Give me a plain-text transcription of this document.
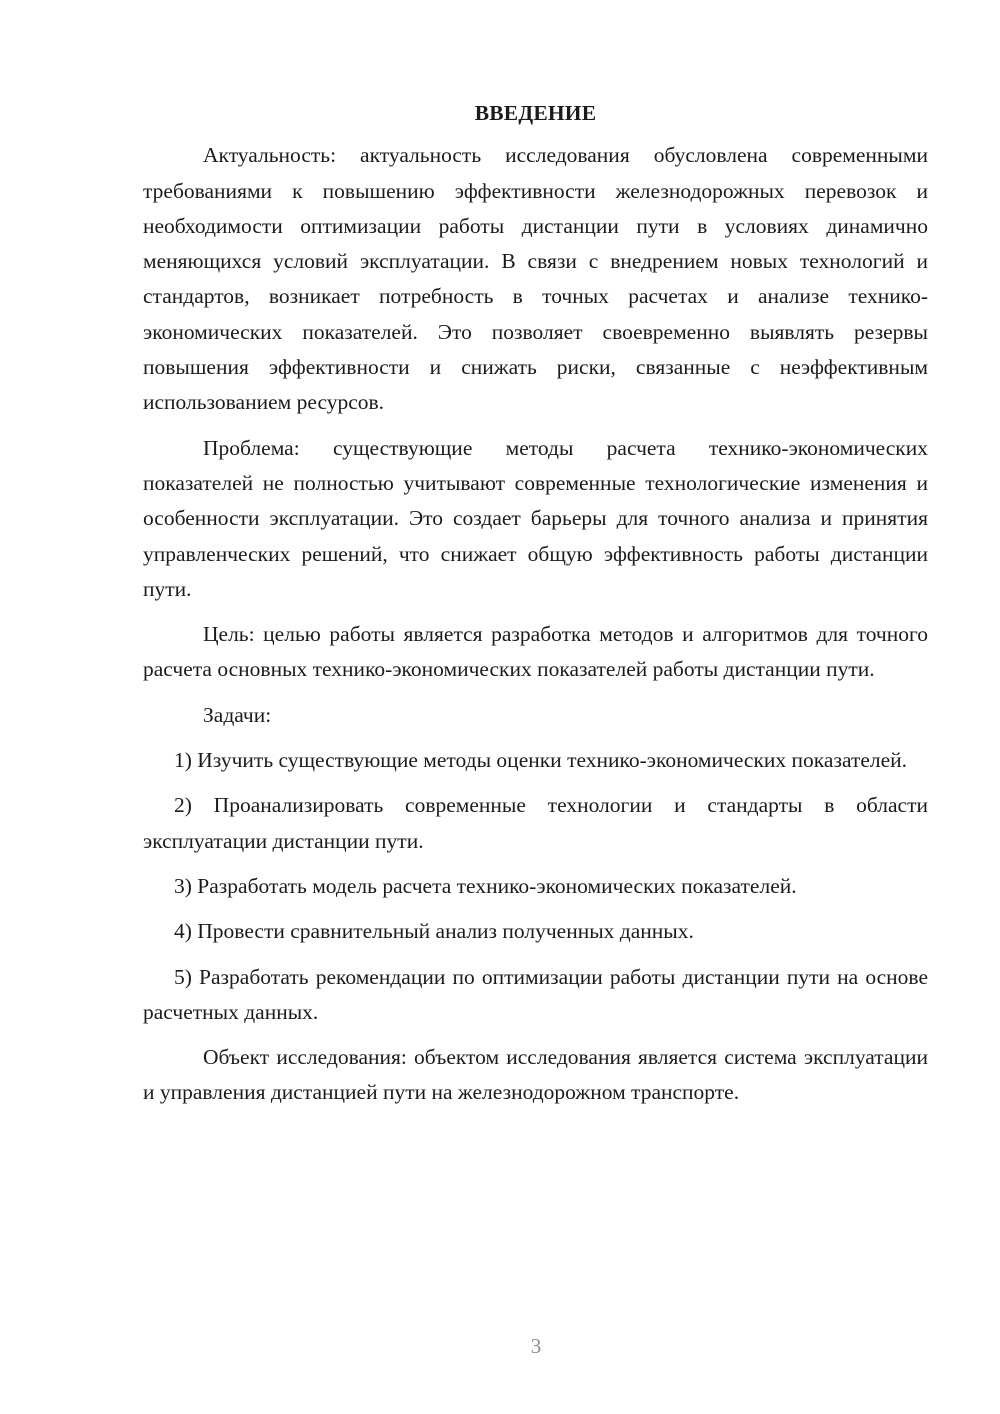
ВВЕДЕНИЕ

Актуальность: актуальность исследования обусловлена современными требованиями к повышению эффективности железнодорожных перевозок и необходимости оптимизации работы дистанции пути в условиях динамично меняющихся условий эксплуатации. В связи с внедрением новых технологий и стандартов, возникает потребность в точных расчетах и анализе технико-экономических показателей. Это позволяет своевременно выявлять резервы повышения эффективности и снижать риски, связанные с неэффективным использованием ресурсов.

Проблема: существующие методы расчета технико-экономических показателей не полностью учитывают современные технологические изменения и особенности эксплуатации. Это создает барьеры для точного анализа и принятия управленческих решений, что снижает общую эффективность работы дистанции пути.

Цель: целью работы является разработка методов и алгоритмов для точного расчета основных технико-экономических показателей работы дистанции пути.

Задачи:

1) Изучить существующие методы оценки технико-экономических показателей.

2) Проанализировать современные технологии и стандарты в области эксплуатации дистанции пути.

3) Разработать модель расчета технико-экономических показателей.

4) Провести сравнительный анализ полученных данных.

5) Разработать рекомендации по оптимизации работы дистанции пути на основе расчетных данных.

Объект исследования: объектом исследования является система эксплуатации и управления дистанцией пути на железнодорожном транспорте.

3
